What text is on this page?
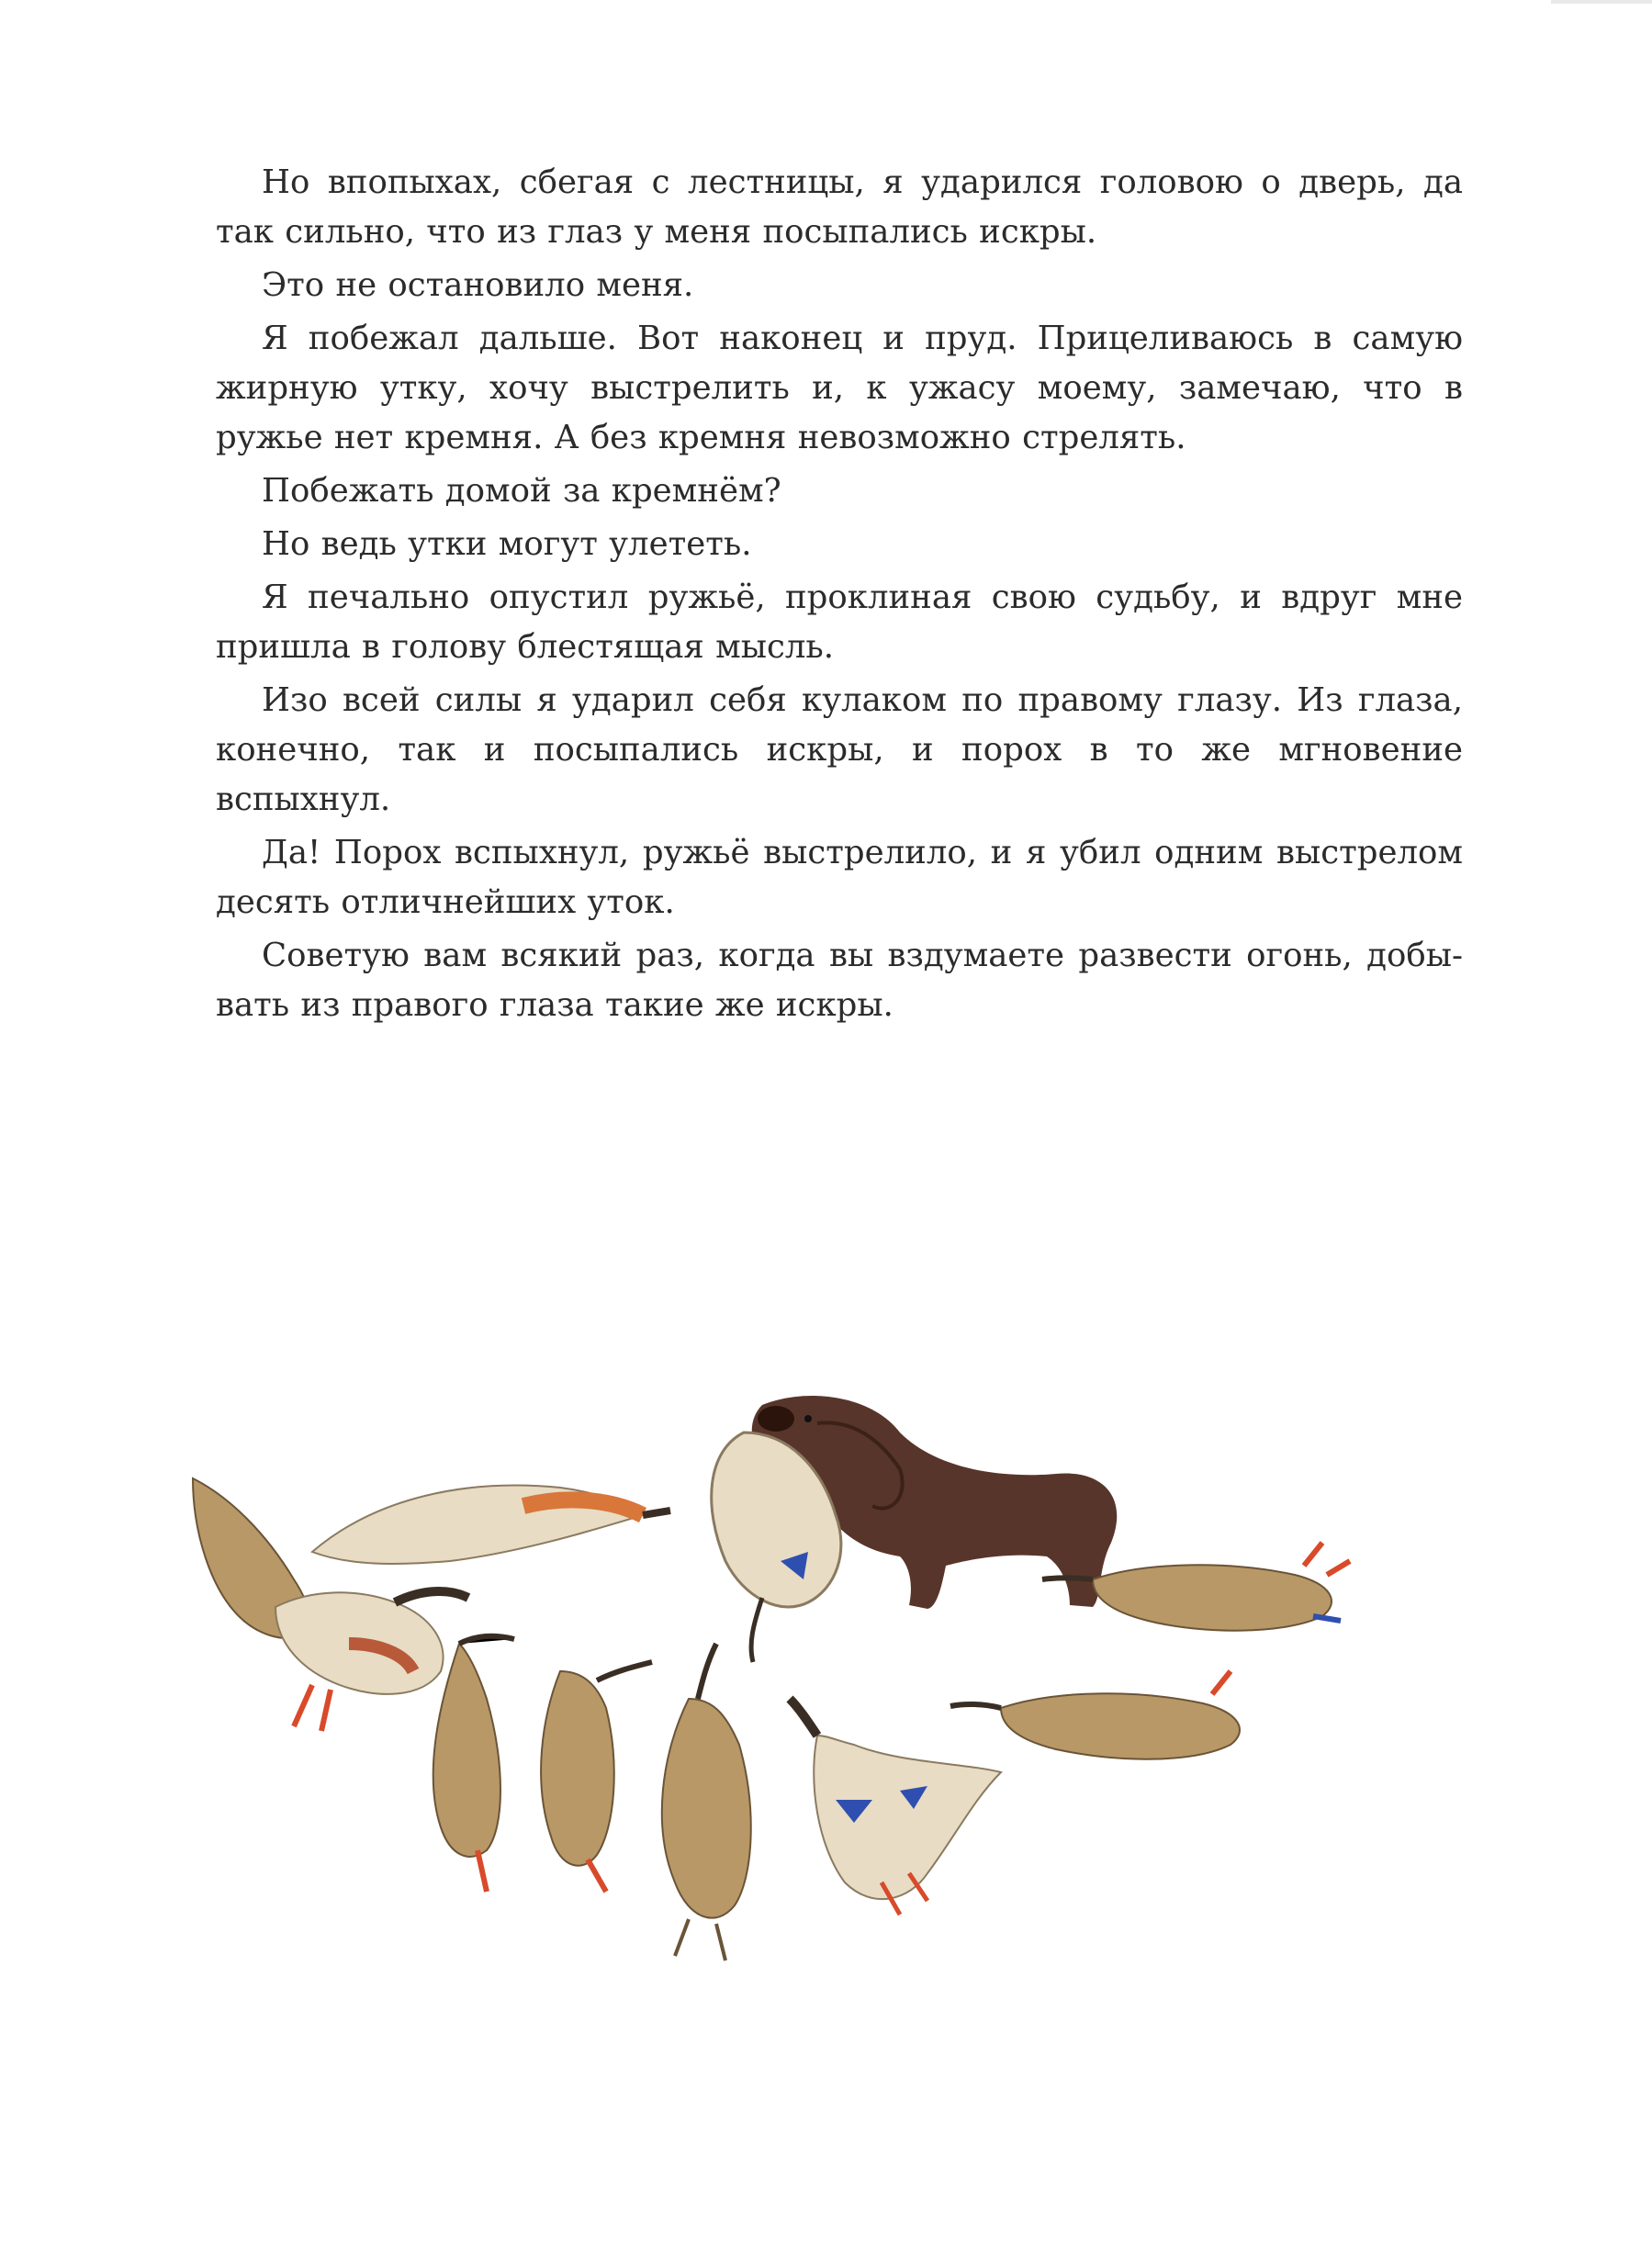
Но впопыхах, сбегая с лестницы, я ударился головою о дверь, да так сильно, что из глаз у меня посыпались искры.

Это не остановило меня.

Я побежал дальше. Вот наконец и пруд. Прицеливаюсь в самую жирную утку, хочу выстрелить и, к ужасу моему, замечаю, что в ружье нет кремня. А без кремня невозможно стрелять.

Побежать домой за кремнём?

Но ведь утки могут улететь.

Я печально опустил ружьё, проклиная свою судьбу, и вдруг мне пришла в голову блестящая мысль.

Изо всей силы я ударил себя кулаком по правому глазу. Из глаза, конечно, так и посыпались искры, и порох в то же мгновение вспыхнул.

Да! Порох вспыхнул, ружьё выстрелило, и я убил одним выстрелом десять отличнейших уток.

Советую вам всякий раз, когда вы вздумаете развести огонь, добывать из правого глаза такие же искры.
